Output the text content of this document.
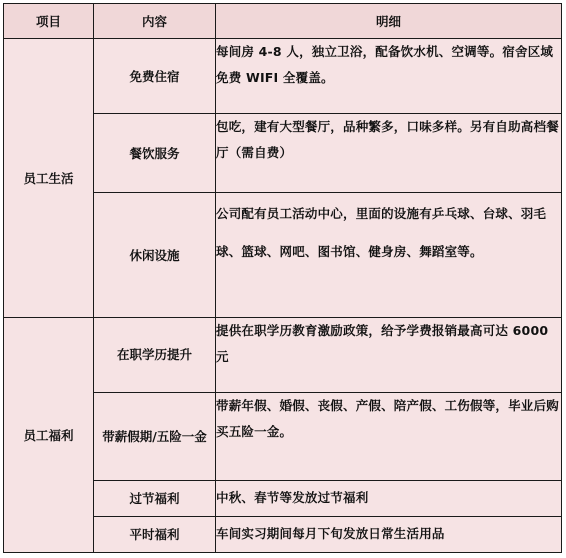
项目	内容	明细
员工生活	免费住宿	每间房 4-8 人，独立卫浴，配备饮水机、空调等。宿舍区域免费 WIFI 全覆盖。

	餐饮服务	包吃，建有大型餐厅，品种繁多，口味多样。另有自助高档餐厅（需自费）

	休闲设施	公司配有员工活动中心，里面的设施有乒乓球、台球、羽毛球、篮球、网吧、图书馆、健身房、舞蹈室等。
员工福利	在职学历提升	提供在职学历教育激励政策，给予学费报销最高可达 6000 元

	带薪假期/五险一金	带薪年假、婚假、丧假、产假、陪产假、工伤假等，毕业后购买五险一金。

	过节福利	中秋、春节等发放过节福利

	平时福利	车间实习期间每月下旬发放日常生活用品
